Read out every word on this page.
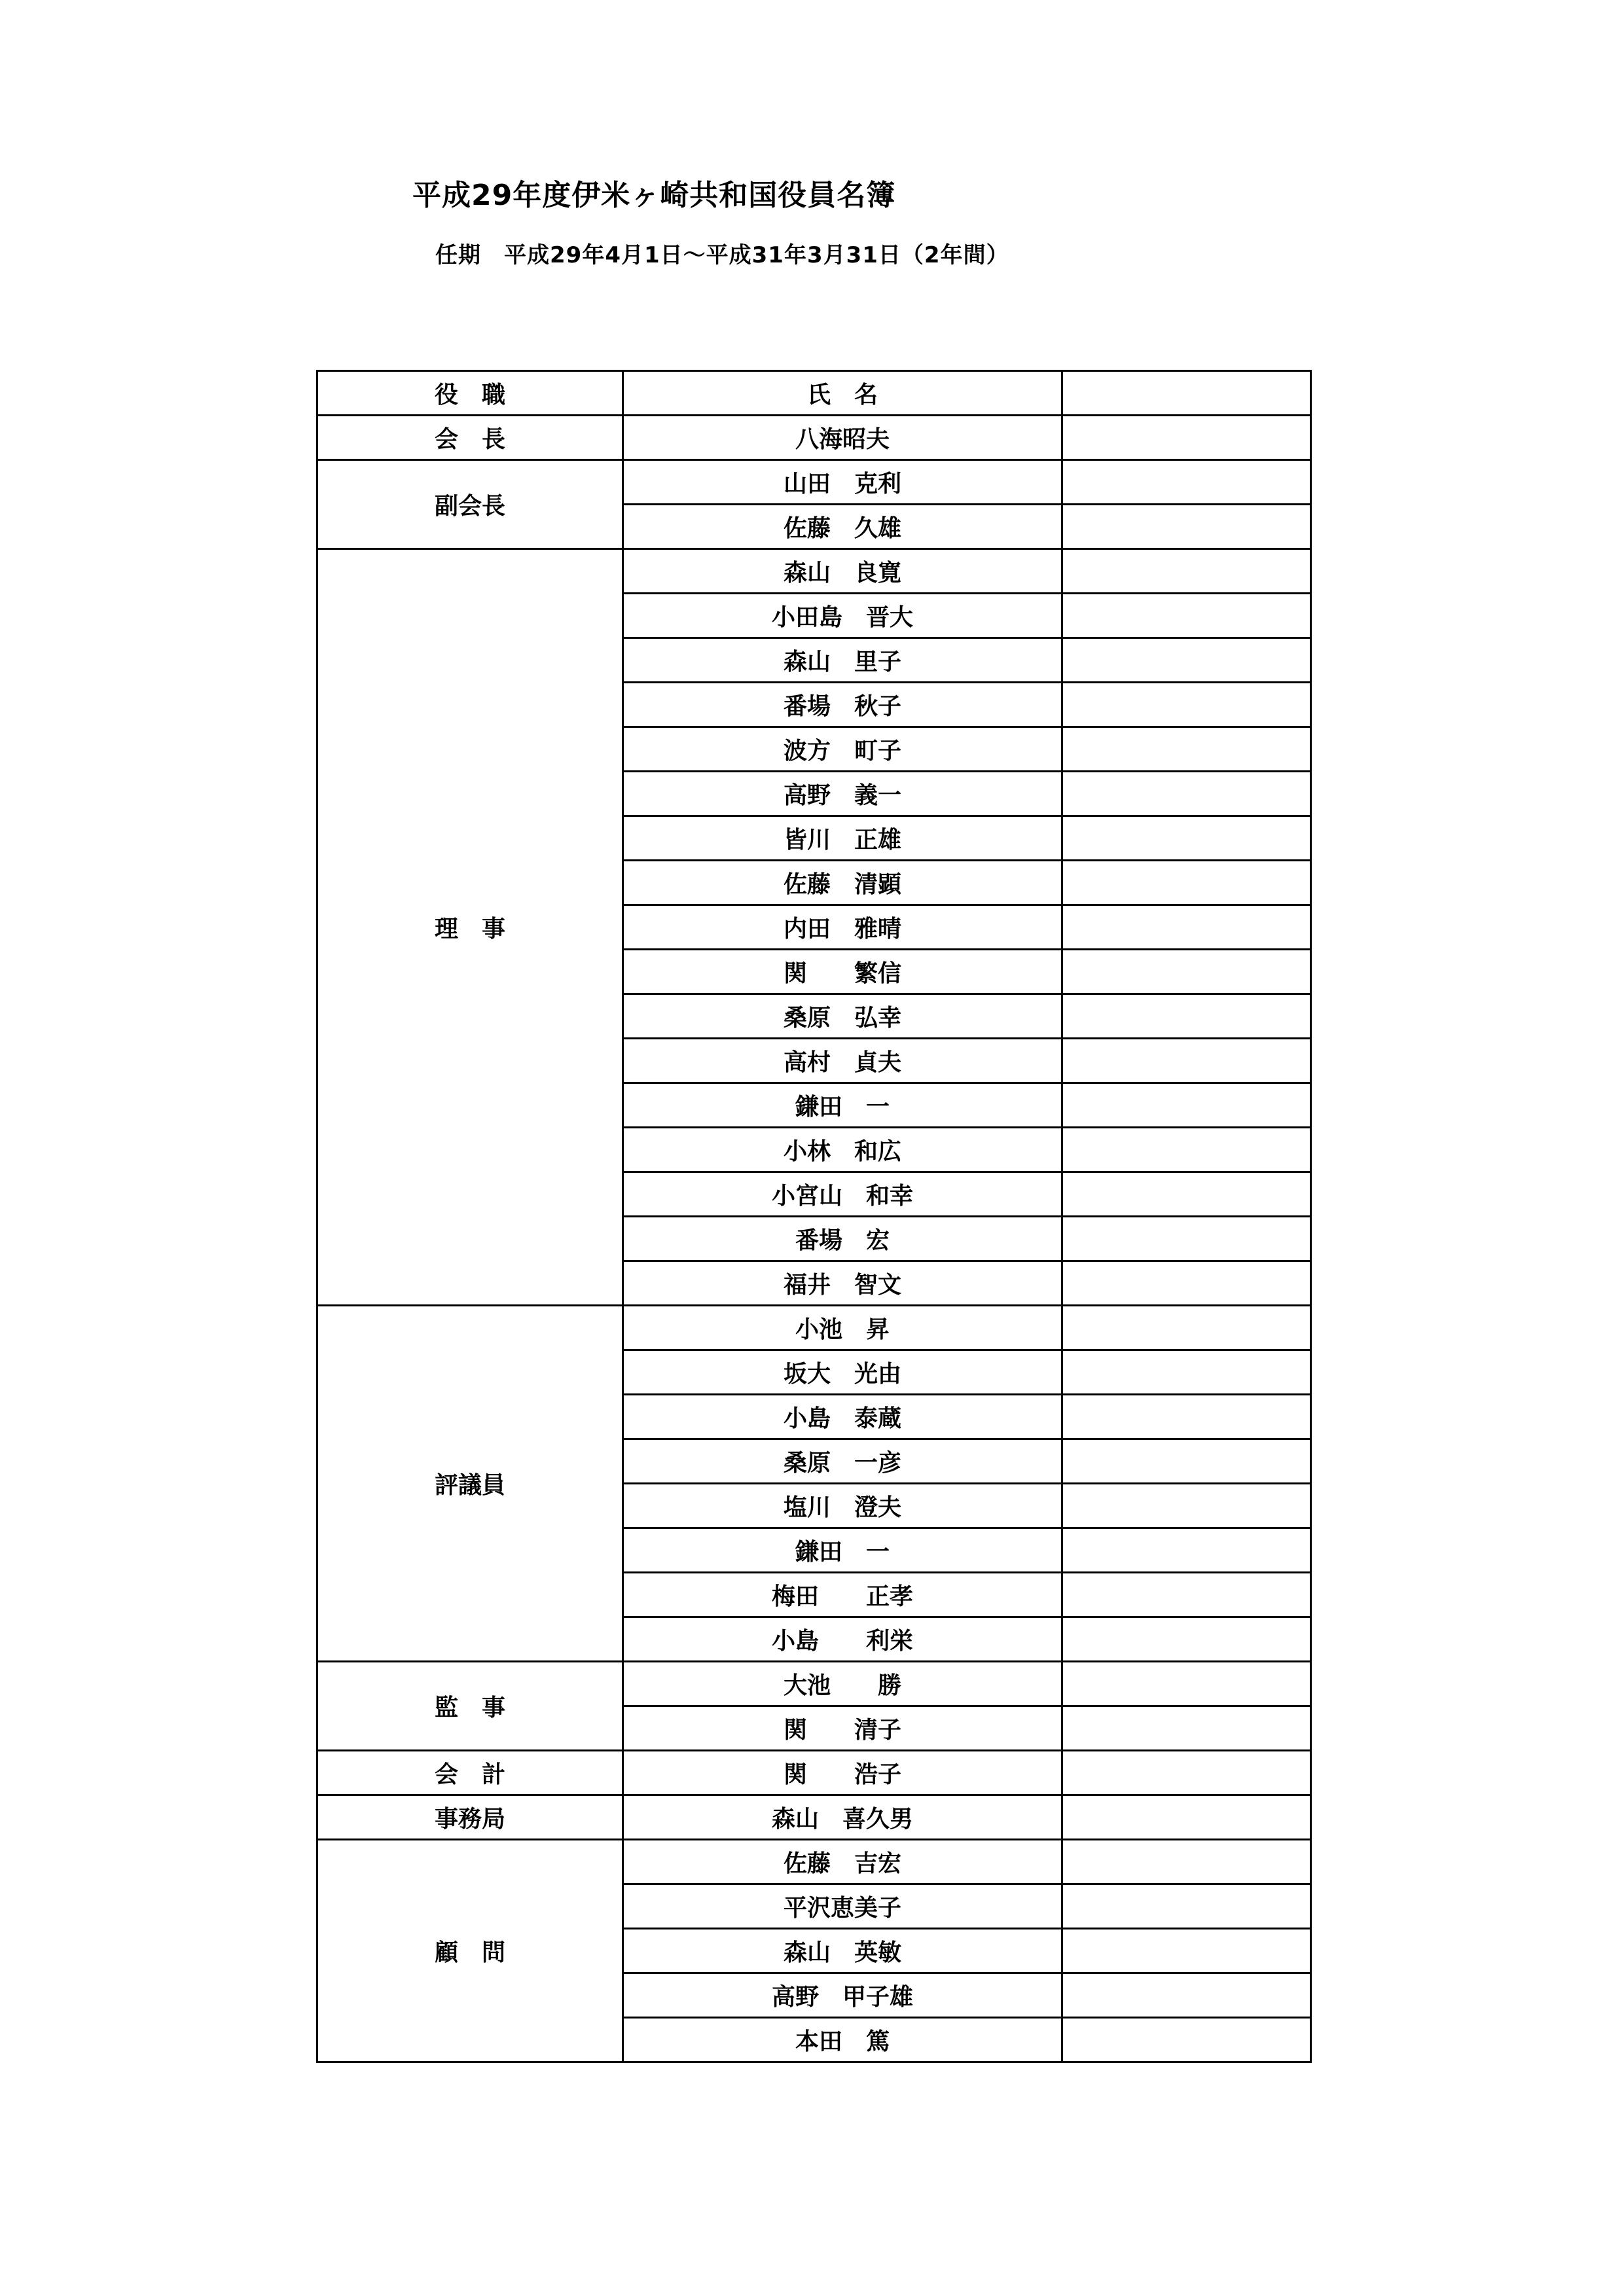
平成29年度伊米ヶ崎共和国役員名簿
任期　平成29年4月1日～平成31年3月31日（2年間）
役　職	氏　名	
会　長	八海昭夫	
副会長	山田　克利	
	佐藤　久雄	
理　事	森山　良寛	
	小田島　晋大	
	森山　里子	
	番場　秋子	
	波方　町子	
	高野　義一	
	皆川　正雄	
	佐藤　清顕	
	内田　雅晴	
	関　　繁信	
	桑原　弘幸	
	高村　貞夫	
	鎌田　一	
	小林　和広	
	小宮山　和幸	
	番場　宏	
	福井　智文	
評議員	小池　昇	
	坂大　光由	
	小島　泰蔵	
	桑原　一彦	
	塩川　澄夫	
	鎌田　一	
	梅田　　正孝	
	小島　　利栄	
監　事	大池　　勝	
	関　　清子	
会　計	関　　浩子	
事務局	森山　喜久男	
顧　問	佐藤　吉宏	
	平沢恵美子	
	森山　英敏	
	高野　甲子雄	
	本田　篤	
